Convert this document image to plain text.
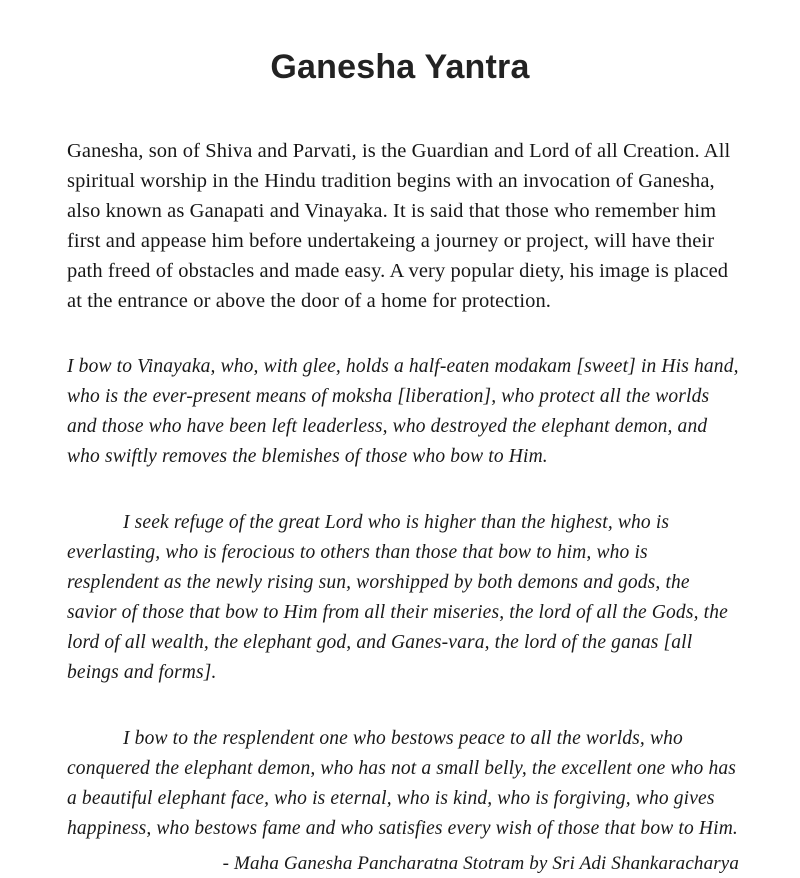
Ganesha Yantra

Ganesha, son of Shiva and Parvati, is the Guardian and Lord of all Creation. All spiritual worship in the Hindu tradition begins with an invocation of Ganesha, also known as Ganapati and Vinayaka. It is said that those who remember him first and appease him before undertakeing a journey or project, will have their path freed of obstacles and made easy. A very popular diety, his image is placed at the entrance or above the door of a home for protection.

I bow to Vinayaka, who, with glee, holds a half-eaten modakam [sweet] in His hand, who is the ever-present means of moksha [liberation], who protect all the worlds and those who have been left leaderless, who destroyed the elephant demon, and who swiftly removes the blemishes of those who bow to Him.

I seek refuge of the great Lord who is higher than the highest, who is everlasting, who is ferocious to others than those that bow to him, who is resplendent as the newly rising sun, worshipped by both demons and gods, the savior of those that bow to Him from all their miseries, the lord of all the Gods, the lord of all wealth, the elephant god, and Ganes-vara, the lord of the ganas [all beings and forms].

I bow to the resplendent one who bestows peace to all the worlds, who conquered the elephant demon, who has not a small belly, the excellent one who has a beautiful elephant face, who is eternal, who is kind, who is forgiving, who gives happiness, who bestows fame and who satisfies every wish of those that bow to Him.

- Maha Ganesha Pancharatna Stotram by Sri Adi Shankaracharya
